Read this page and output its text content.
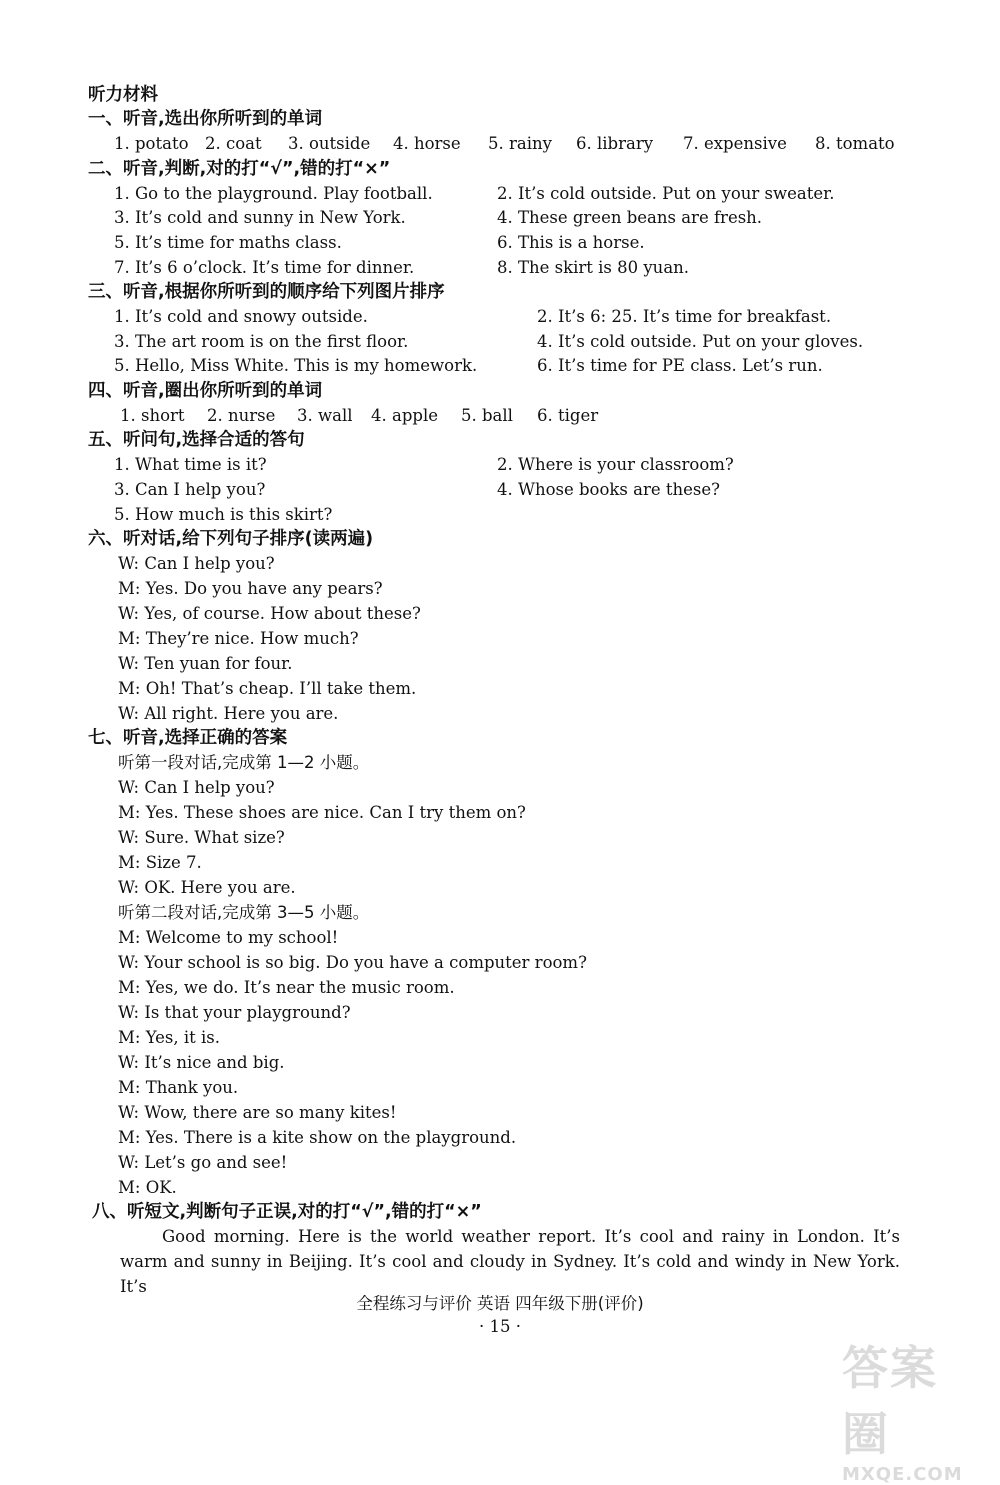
听力材料
一、听音,选出你所听到的单词
1. potato 2. coat 3. outside 4. horse 5. rainy 6. library 7. expensive 8. tomato
二、听音,判断,对的打“√”,错的打“×”
1. Go to the playground. Play football.	2. It’s cold outside. Put on your sweater.
3. It’s cold and sunny in New York.	4. These green beans are fresh.
5. It’s time for maths class.	6. This is a horse.
7. It’s 6 o’clock. It’s time for dinner.	8. The skirt is 80 yuan.
三、听音,根据你所听到的顺序给下列图片排序
1. It’s cold and snowy outside.	2. It’s 6: 25. It’s time for breakfast.
3. The art room is on the first floor.	4. It’s cold outside. Put on your gloves.
5. Hello, Miss White. This is my homework.	6. It’s time for PE class. Let’s run.
四、听音,圈出你所听到的单词
1. short 2. nurse 3. wall 4. apple 5. ball 6. tiger
五、听问句,选择合适的答句
1. What time is it?	2. Where is your classroom?
3. Can I help you?	4. Whose books are these?
5. How much is this skirt?
六、听对话,给下列句子排序(读两遍)
W: Can I help you?
M: Yes. Do you have any pears?
W: Yes, of course. How about these?
M: They’re nice. How much?
W: Ten yuan for four.
M: Oh! That’s cheap. I’ll take them.
W: All right. Here you are.
七、听音,选择正确的答案
听第一段对话,完成第 1—2 小题。
W: Can I help you?
M: Yes. These shoes are nice. Can I try them on?
W: Sure. What size?
M: Size 7.
W: OK. Here you are.
听第二段对话,完成第 3—5 小题。
M: Welcome to my school!
W: Your school is so big. Do you have a computer room?
M: Yes, we do. It’s near the music room.
W: Is that your playground?
M: Yes, it is.
W: It’s nice and big.
M: Thank you.
W: Wow, there are so many kites!
M: Yes. There is a kite show on the playground.
W: Let’s go and see!
M: OK.
八、听短文,判断句子正误,对的打“√”,错的打“×”
Good morning. Here is the world weather report. It’s cool and rainy in London. It’s warm and sunny in Beijing. It’s cool and cloudy in Sydney. It’s cold and windy in New York. It’s
全程练习与评价 英语 四年级下册(评价)
· 15 ·
答案圈
MXQE.COM
